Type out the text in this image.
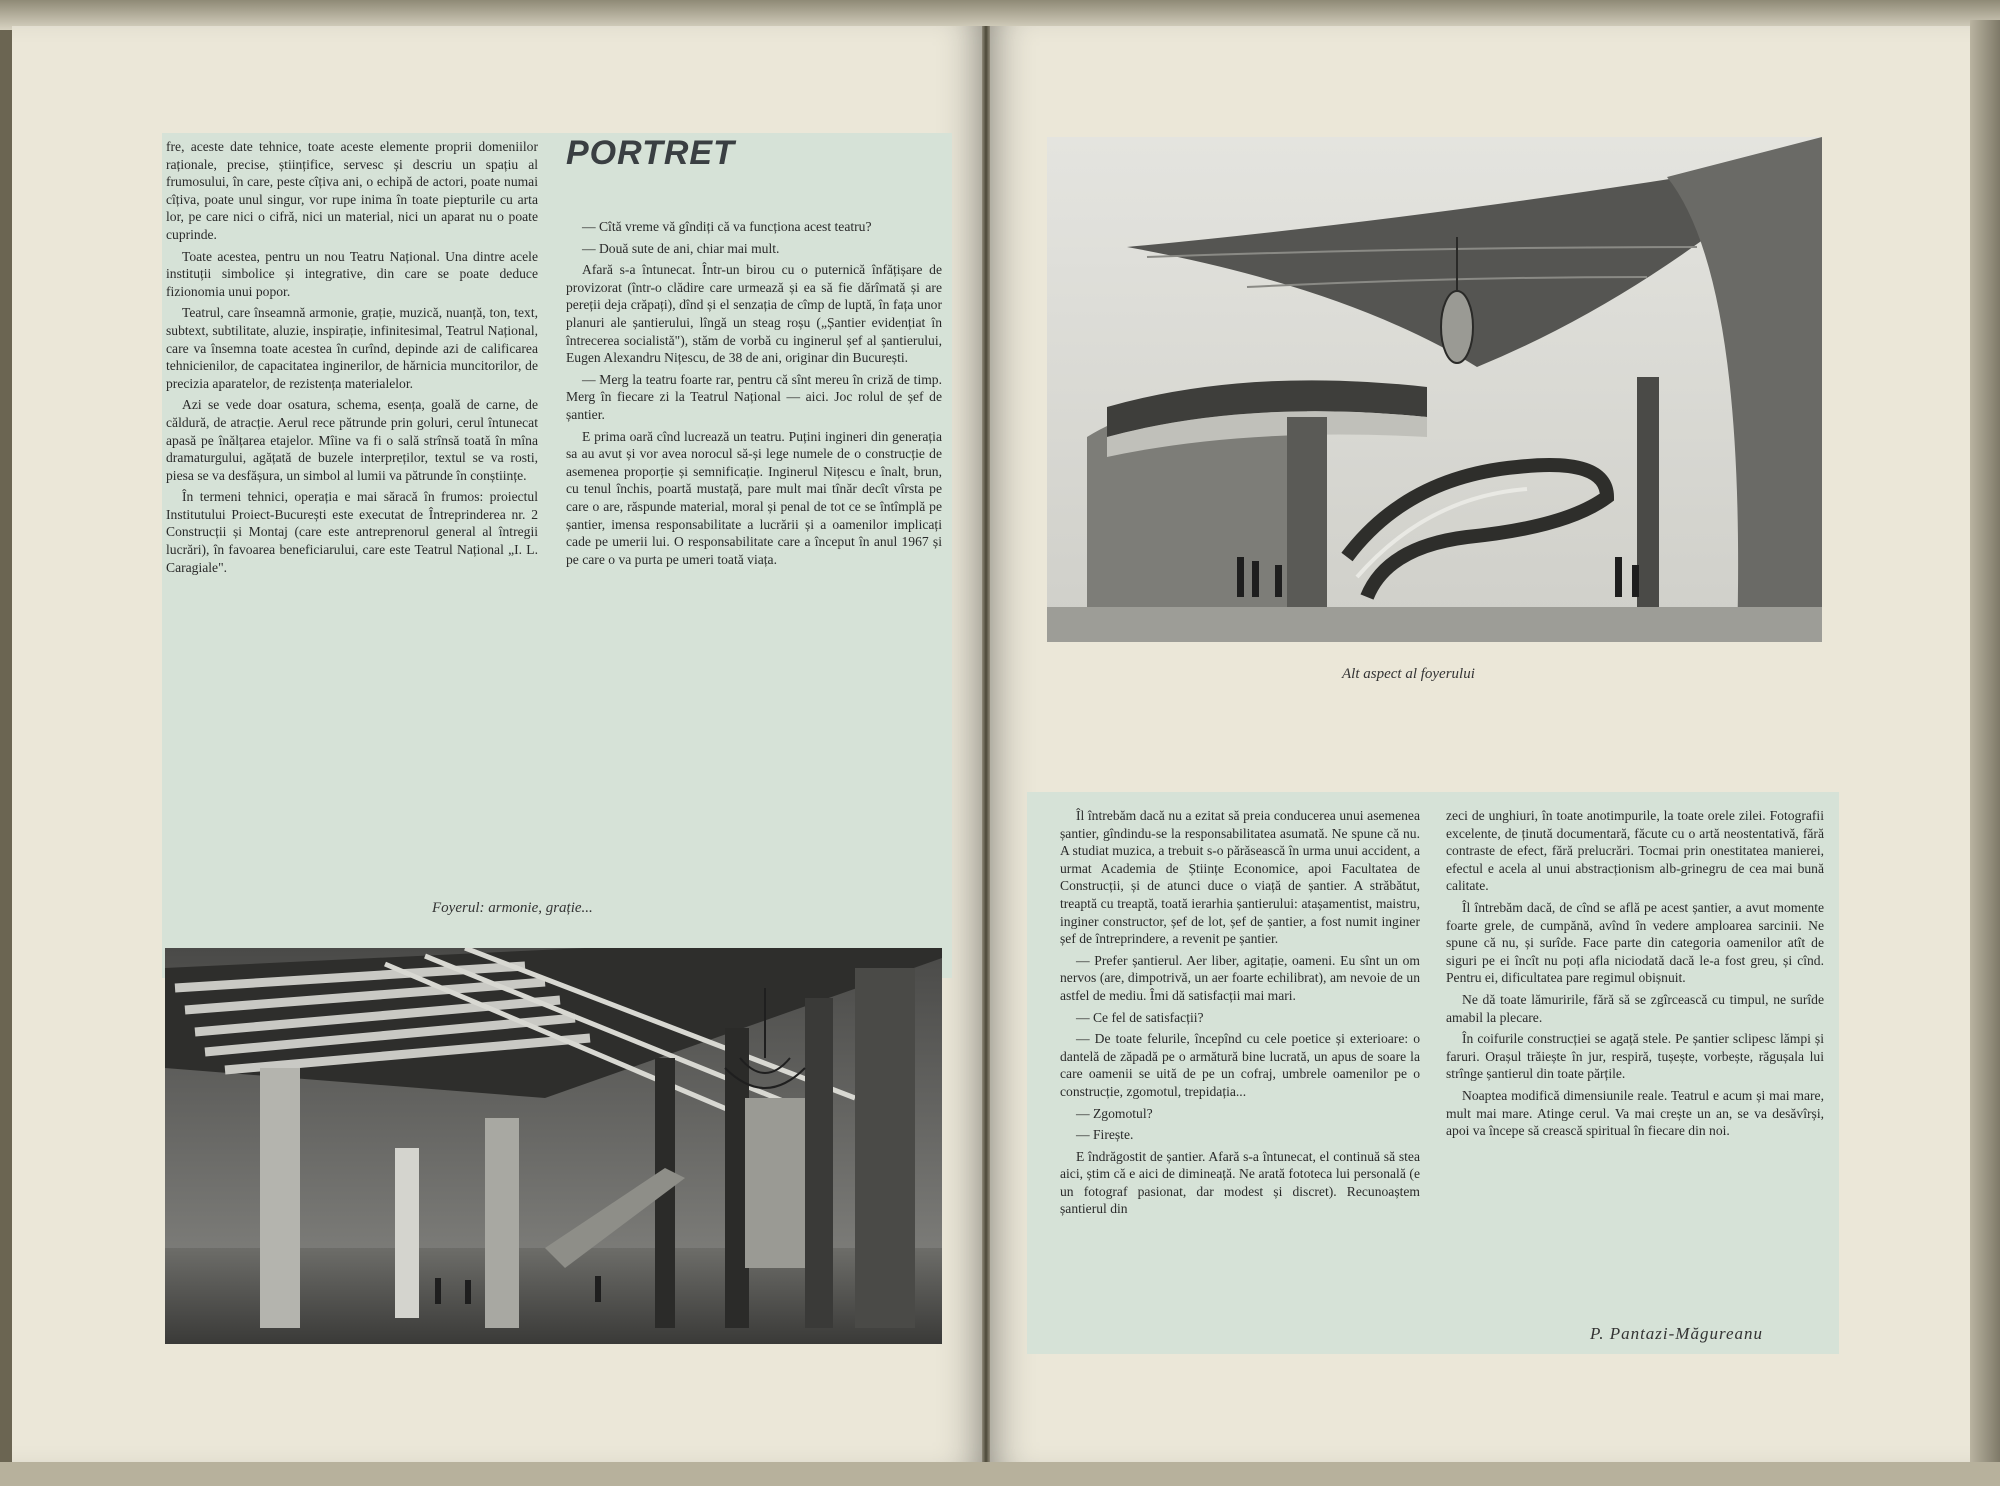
fre, aceste date tehnice, toate aceste elemente proprii domeniilor raționale, precise, științifice, servesc și descriu un spațiu al frumosului, în care, peste cîțiva ani, o echipă de actori, poate numai cîțiva, poate unul singur, vor rupe inima în toate piepturile cu arta lor, pe care nici o cifră, nici un material, nici un aparat nu o poate cuprinde.

Toate acestea, pentru un nou Teatru Național. Una dintre acele instituții simbolice și integrative, din care se poate deduce fizionomia unui popor.

Teatrul, care înseamnă armonie, grație, muzică, nuanță, ton, text, subtext, subtilitate, aluzie, inspirație, infinitesimal, Teatrul Național, care va însemna toate acestea în curînd, depinde azi de calificarea tehnicienilor, de capacitatea inginerilor, de hărnicia muncitorilor, de precizia aparatelor, de rezistența materialelor.

Azi se vede doar osatura, schema, esența, goală de carne, de căldură, de atracție. Aerul rece pătrunde prin goluri, cerul întunecat apasă pe înălțarea etajelor. Mîine va fi o sală strînsă toată în mîna dramaturgului, agățată de buzele interpreților, textul se va rosti, piesa se va desfășura, un simbol al lumii va pătrunde în conștiințe.

În termeni tehnici, operația e mai săracă în frumos: proiectul Institutului Proiect-București este executat de Întreprinderea nr. 2 Construcții și Montaj (care este antreprenorul general al întregii lucrări), în favoarea beneficiarului, care este Teatrul Național „I. L. Caragiale".

PORTRET

— Cîtă vreme vă gîndiți că va funcționa acest teatru?

— Două sute de ani, chiar mai mult.

Afară s-a întunecat. Într-un birou cu o puternică înfățișare de provizorat (într-o clădire care urmează și ea să fie dărîmată și are pereții deja crăpați), dînd și el senzația de cîmp de luptă, în fața unor planuri ale șantierului, lîngă un steag roșu („Șantier evidențiat în întrecerea socialistă"), stăm de vorbă cu inginerul șef al șantierului, Eugen Alexandru Nițescu, de 38 de ani, originar din București.

— Merg la teatru foarte rar, pentru că sînt mereu în criză de timp. Merg în fiecare zi la Teatrul Național — aici. Joc rolul de șef de șantier.

E prima oară cînd lucrează un teatru. Puțini ingineri din generația sa au avut și vor avea norocul să-și lege numele de o construcție de asemenea proporție și semnificație. Inginerul Nițescu e înalt, brun, cu tenul închis, poartă mustață, pare mult mai tînăr decît vîrsta pe care o are, răspunde material, moral și penal de tot ce se întîmplă pe șantier, imensa responsabilitate a lucrării și a oamenilor implicați cade pe umerii lui. O responsabilitate care a început în anul 1967 și pe care o va purta pe umeri toată viața.

Foyerul: armonie, grație...
Alt aspect al foyerului

Îl întrebăm dacă nu a ezitat să preia conducerea unui asemenea șantier, gîndindu-se la responsabilitatea asumată. Ne spune că nu. A studiat muzica, a trebuit s-o părăsească în urma unui accident, a urmat Academia de Științe Economice, apoi Facultatea de Construcții, și de atunci duce o viață de șantier. A străbătut, treaptă cu treaptă, toată ierarhia șantierului: atașamentist, maistru, inginer constructor, șef de lot, șef de șantier, a fost numit inginer șef de întreprindere, a revenit pe șantier.

— Prefer șantierul. Aer liber, agitație, oameni. Eu sînt un om nervos (are, dimpotrivă, un aer foarte echilibrat), am nevoie de un astfel de mediu. Îmi dă satisfacții mai mari.

— Ce fel de satisfacții?

— De toate felurile, începînd cu cele poetice și exterioare: o dantelă de zăpadă pe o armătură bine lucrată, un apus de soare la care oamenii se uită de pe un cofraj, umbrele oamenilor pe o construcție, zgomotul, trepidația...

— Zgomotul?

— Firește.

E îndrăgostit de șantier. Afară s-a întunecat, el continuă să stea aici, știm că e aici de dimineață. Ne arată fototeca lui personală (e un fotograf pasionat, dar modest și discret). Recunoaștem șantierul din

zeci de unghiuri, în toate anotimpurile, la toate orele zilei. Fotografii excelente, de ținută documentară, făcute cu o artă neostentativă, fără contraste de efect, fără prelucrări. Tocmai prin onestitatea manierei, efectul e acela al unui abstracționism alb-grinegru de cea mai bună calitate.

Îl întrebăm dacă, de cînd se află pe acest șantier, a avut momente foarte grele, de cumpănă, avînd în vedere amploarea sarcinii. Ne spune că nu, și surîde. Face parte din categoria oamenilor atît de siguri pe ei încît nu poți afla niciodată dacă le-a fost greu, și cînd. Pentru ei, dificultatea pare regimul obișnuit.

Ne dă toate lămuririle, fără să se zgîrcească cu timpul, ne surîde amabil la plecare.

În coifurile construcției se agață stele. Pe șantier sclipesc lămpi și faruri. Orașul trăiește în jur, respiră, tușește, vorbește, răgușala lui strînge șantierul din toate părțile.

Noaptea modifică dimensiunile reale. Teatrul e acum și mai mare, mult mai mare. Atinge cerul. Va mai crește un an, se va desăvîrși, apoi va începe să crească spiritual în fiecare din noi.

P. Pantazi-Măgureanu
